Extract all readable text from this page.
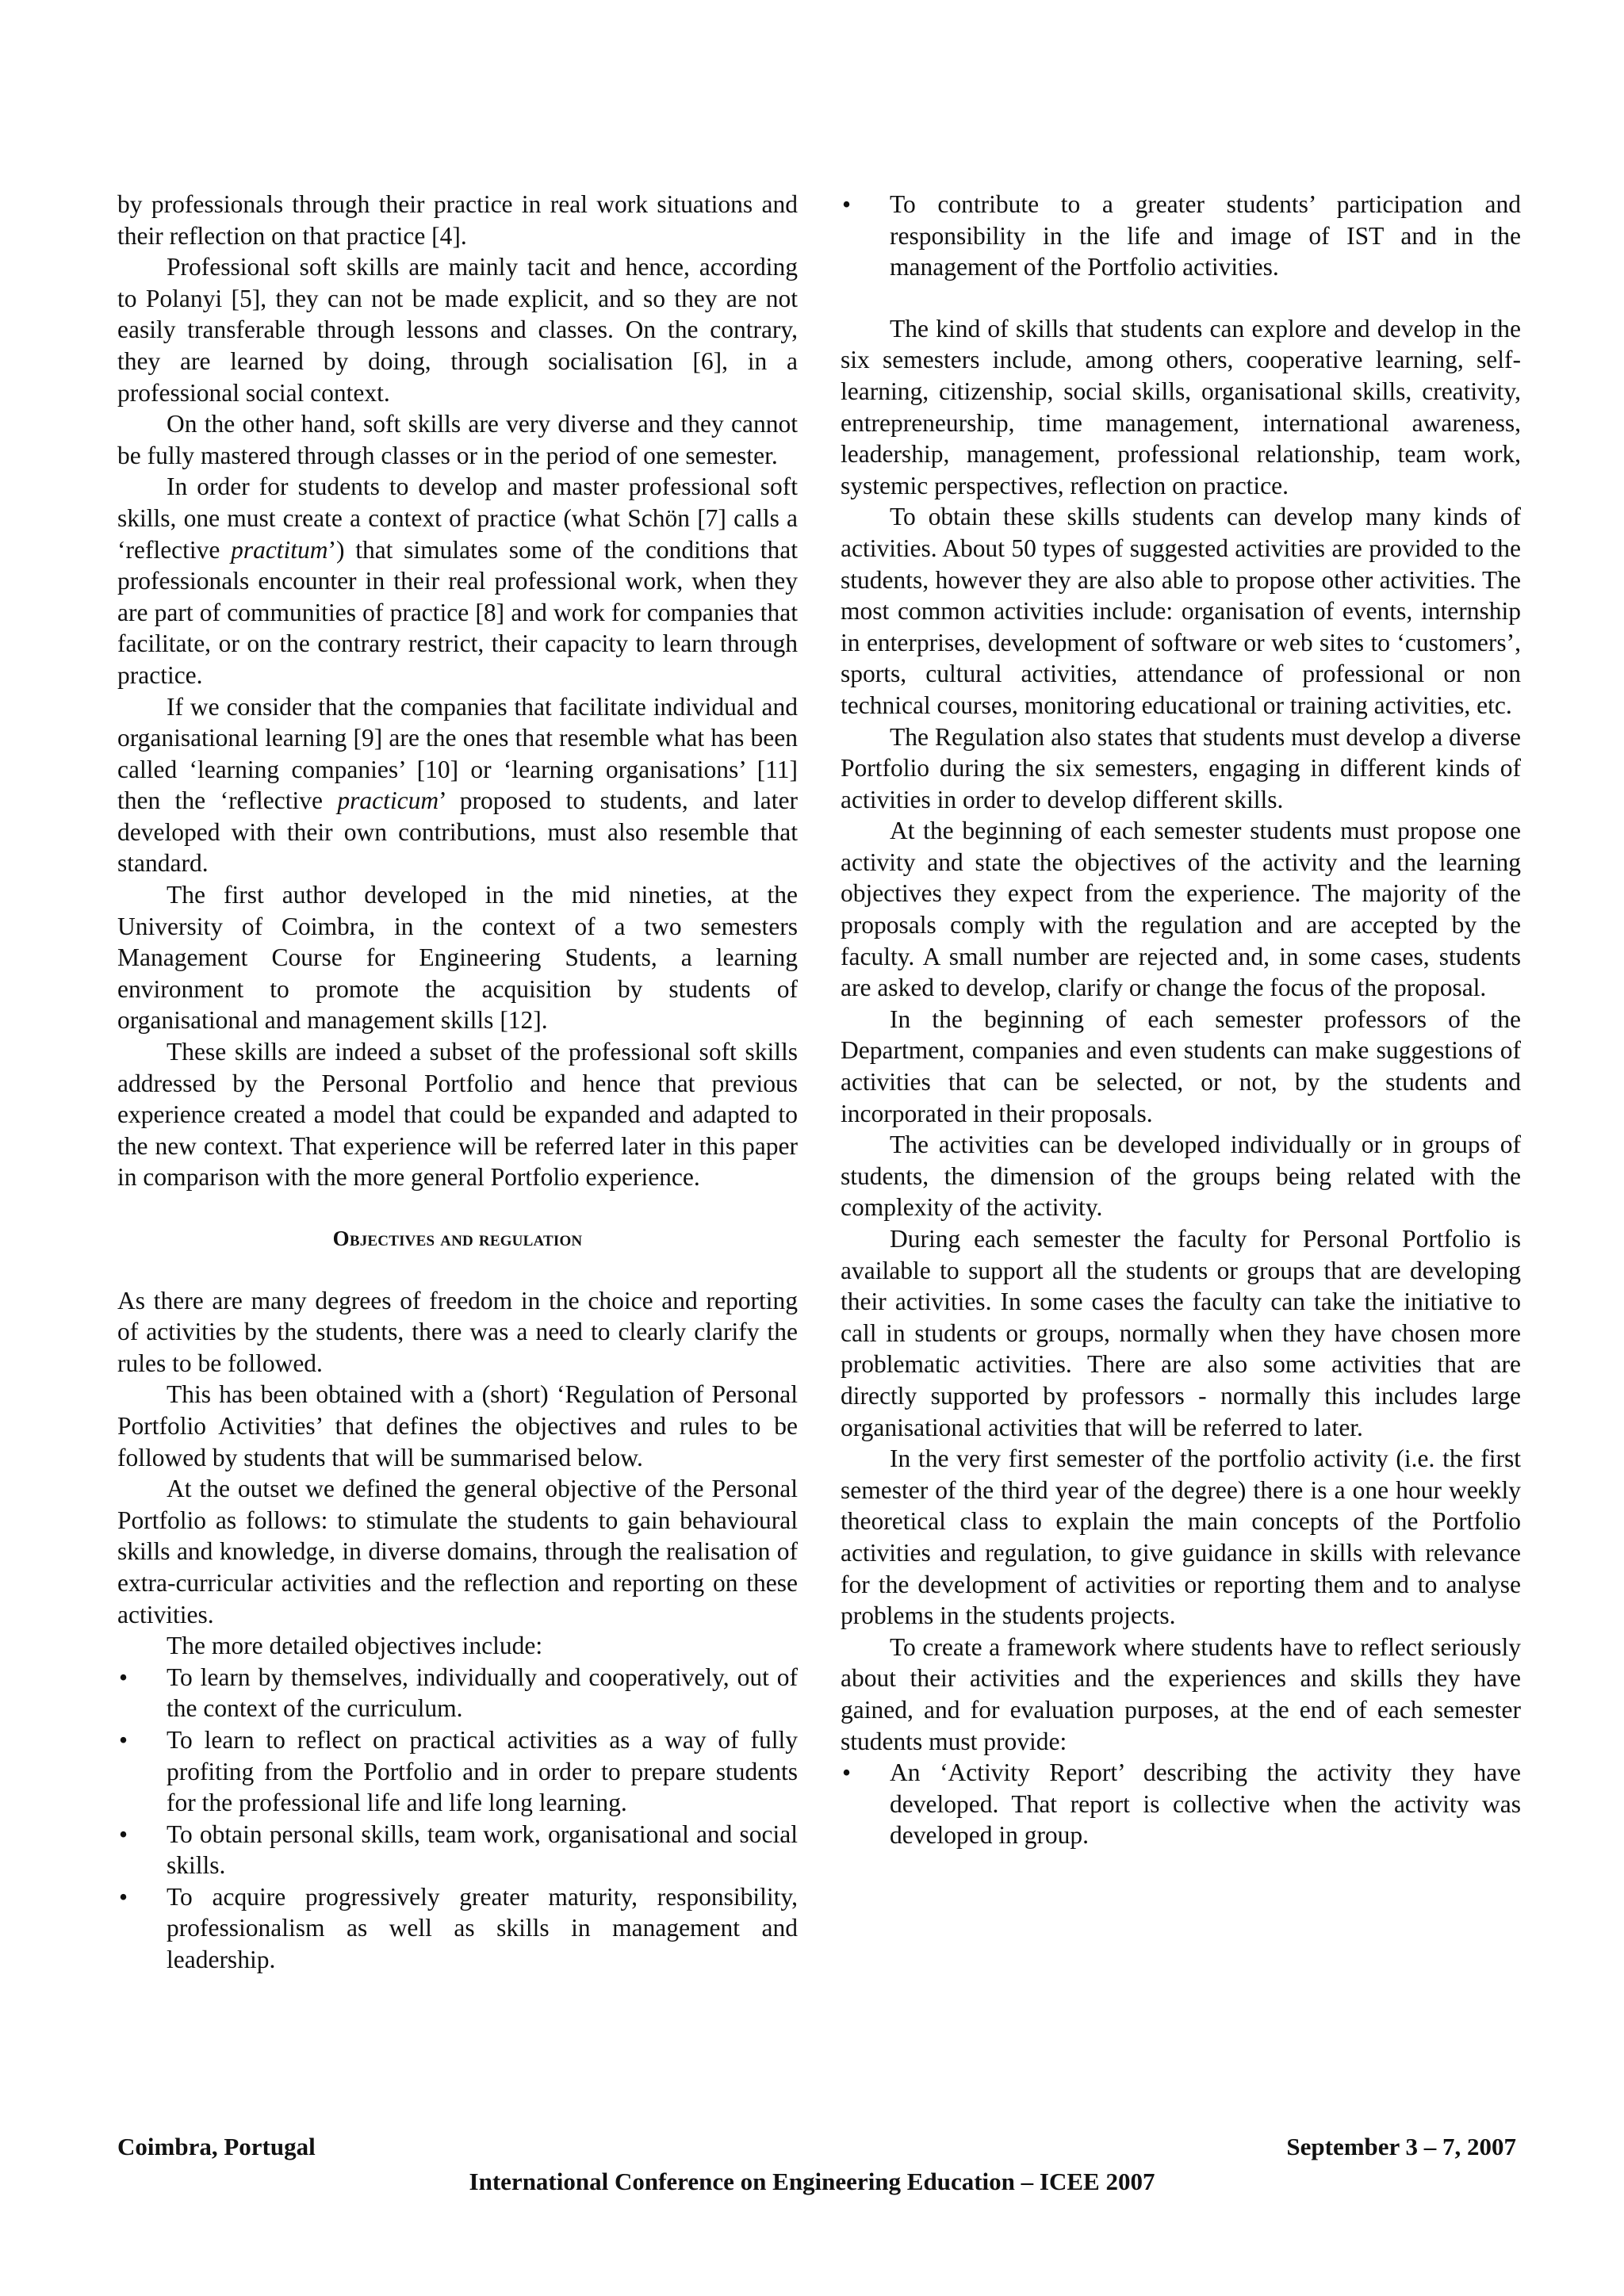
by professionals through their practice in real work situations and their reflection on that practice [4].

Professional soft skills are mainly tacit and hence, according to Polanyi [5], they can not be made explicit, and so they are not easily transferable through lessons and classes. On the contrary, they are learned by doing, through socialisation [6], in a professional social context.

On the other hand, soft skills are very diverse and they cannot be fully mastered through classes or in the period of one semester.

In order for students to develop and master professional soft skills, one must create a context of practice (what Schön [7] calls a ‘reflective practitum’) that simulates some of the conditions that professionals encounter in their real professional work, when they are part of communities of practice [8] and work for companies that facilitate, or on the contrary restrict, their capacity to learn through practice.

If we consider that the companies that facilitate individual and organisational learning [9] are the ones that resemble what has been called ‘learning companies’ [10] or ‘learning organisations’ [11] then the ‘reflective practicum’ proposed to students, and later developed with their own contributions, must also resemble that standard.

The first author developed in the mid nineties, at the University of Coimbra, in the context of a two semesters Management Course for Engineering Students, a learning environment to promote the acquisition by students of organisational and management skills [12].

These skills are indeed a subset of the professional soft skills addressed by the Personal Portfolio and hence that previous experience created a model that could be expanded and adapted to the new context. That experience will be referred later in this paper in comparison with the more general Portfolio experience.

Objectives and regulation

As there are many degrees of freedom in the choice and reporting of activities by the students, there was a need to clearly clarify the rules to be followed.

This has been obtained with a (short) ‘Regulation of Personal Portfolio Activities’ that defines the objectives and rules to be followed by students that will be summarised below.

At the outset we defined the general objective of the Personal Portfolio as follows: to stimulate the students to gain behavioural skills and knowledge, in diverse domains, through the realisation of extra-curricular activities and the reflection and reporting on these activities.

The more detailed objectives include:

•	To learn by themselves, individually and cooperatively, out of the context of the curriculum.
•	To learn to reflect on practical activities as a way of fully profiting from the Portfolio and in order to prepare students for the professional life and life long learning.
•	To obtain personal skills, team work, organisational and social skills.
•	To acquire progressively greater maturity, responsibility, professionalism as well as skills in management and leadership.
•	To contribute to a greater students’ participation and responsibility in the life and image of IST and in the management of the Portfolio activities.

The kind of skills that students can explore and develop in the six semesters include, among others, cooperative learning, self-learning, citizenship, social skills, organisational skills, creativity, entrepreneurship, time management, international awareness, leadership, management, professional relationship, team work, systemic perspectives, reflection on practice.

To obtain these skills students can develop many kinds of activities. About 50 types of suggested activities are provided to the students, however they are also able to propose other activities. The most common activities include: organisation of events, internship in enterprises, development of software or web sites to ‘customers’, sports, cultural activities, attendance of professional or non technical courses, monitoring educational or training activities, etc.

The Regulation also states that students must develop a diverse Portfolio during the six semesters, engaging in different kinds of activities in order to develop different skills.

At the beginning of each semester students must propose one activity and state the objectives of the activity and the learning objectives they expect from the experience. The majority of the proposals comply with the regulation and are accepted by the faculty. A small number are rejected and, in some cases, students are asked to develop, clarify or change the focus of the proposal.

In the beginning of each semester professors of the Department, companies and even students can make suggestions of activities that can be selected, or not, by the students and incorporated in their proposals.

The activities can be developed individually or in groups of students, the dimension of the groups being related with the complexity of the activity.

During each semester the faculty for Personal Portfolio is available to support all the students or groups that are developing their activities. In some cases the faculty can take the initiative to call in students or groups, normally when they have chosen more problematic activities. There are also some activities that are directly supported by professors - normally this includes large organisational activities that will be referred to later.

In the very first semester of the portfolio activity (i.e. the first semester of the third year of the degree) there is a one hour weekly theoretical class to explain the main concepts of the Portfolio activities and regulation, to give guidance in skills with relevance for the development of activities or reporting them and to analyse problems in the students projects.

To create a framework where students have to reflect seriously about their activities and the experiences and skills they have gained, and for evaluation purposes, at the end of each semester students must provide:

•	An ‘Activity Report’ describing the activity they have developed. That report is collective when the activity was developed in group.
Coimbra, Portugal	September 3 – 7, 2007
International Conference on Engineering Education – ICEE 2007
